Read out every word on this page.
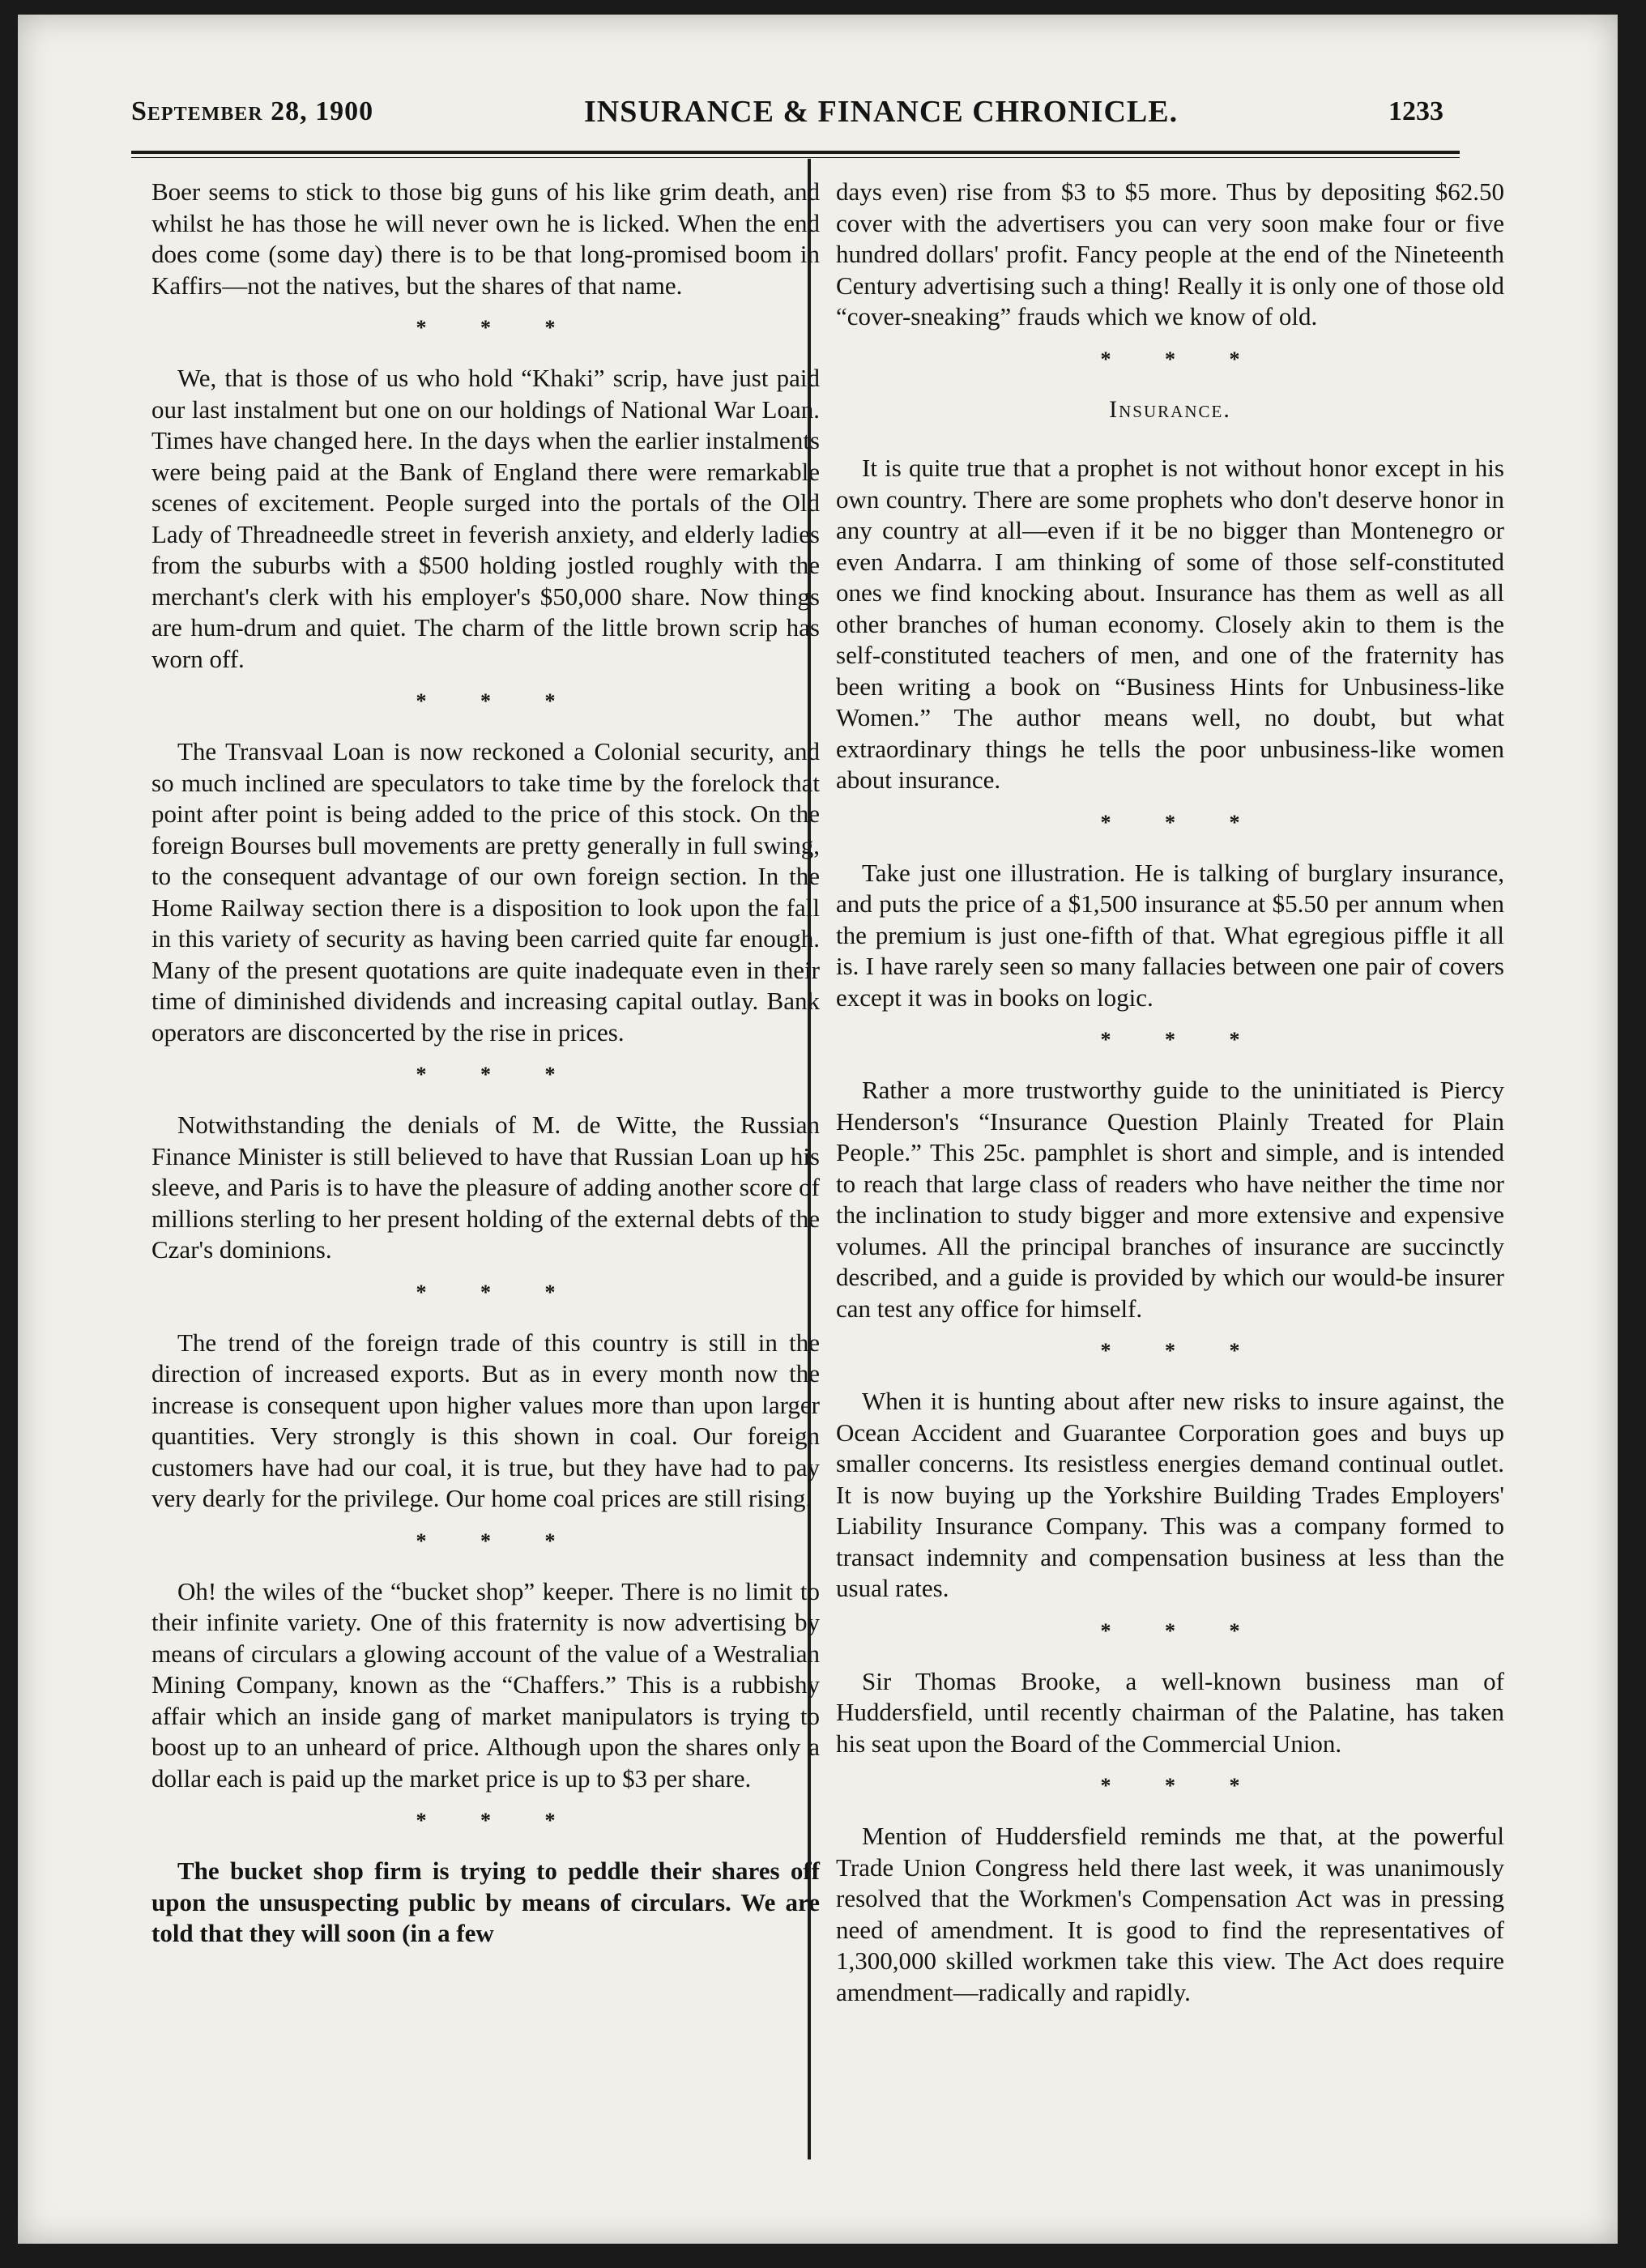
September 28, 1900	INSURANCE & FINANCE CHRONICLE.	1233

Boer seems to stick to those big guns of his like grim death, and whilst he has those he will never own he is licked. When the end does come (some day) there is to be that long-promised boom in Kaffirs—not the natives, but the shares of that name.

* * *

We, that is those of us who hold “Khaki” scrip, have just paid our last instalment but one on our holdings of National War Loan. Times have changed here. In the days when the earlier instalments were being paid at the Bank of England there were remarkable scenes of excitement. People surged into the portals of the Old Lady of Threadneedle street in feverish anxiety, and elderly ladies from the suburbs with a $500 holding jostled roughly with the merchant's clerk with his employer's $50,000 share. Now things are hum-drum and quiet. The charm of the little brown scrip has worn off.

* * *

The Transvaal Loan is now reckoned a Colonial security, and so much inclined are speculators to take time by the forelock that point after point is being added to the price of this stock. On the foreign Bourses bull movements are pretty generally in full swing, to the consequent advantage of our own foreign section. In the Home Railway section there is a disposition to look upon the fall in this variety of security as having been carried quite far enough. Many of the present quotations are quite inadequate even in their time of diminished dividends and increasing capital outlay. Bank operators are disconcerted by the rise in prices.

* * *

Notwithstanding the denials of M. de Witte, the Russian Finance Minister is still believed to have that Russian Loan up his sleeve, and Paris is to have the pleasure of adding another score of millions sterling to her present holding of the external debts of the Czar's dominions.

* * *

The trend of the foreign trade of this country is still in the direction of increased exports. But as in every month now the increase is consequent upon higher values more than upon larger quantities. Very strongly is this shown in coal. Our foreign customers have had our coal, it is true, but they have had to pay very dearly for the privilege. Our home coal prices are still rising.

* * *

Oh! the wiles of the “bucket shop” keeper. There is no limit to their infinite variety. One of this fraternity is now advertising by means of circulars a glowing account of the value of a Westralian Mining Company, known as the “Chaffers.” This is a rubbishy affair which an inside gang of market manipulators is trying to boost up to an unheard of price. Although upon the shares only a dollar each is paid up the market price is up to $3 per share.

* * *

The bucket shop firm is trying to peddle their shares off upon the unsuspecting public by means of circulars. We are told that they will soon (in a few

days even) rise from $3 to $5 more. Thus by depositing $62.50 cover with the advertisers you can very soon make four or five hundred dollars' profit. Fancy people at the end of the Nineteenth Century advertising such a thing! Really it is only one of those old “cover-sneaking” frauds which we know of old.

* * *
Insurance.

It is quite true that a prophet is not without honor except in his own country. There are some prophets who don't deserve honor in any country at all—even if it be no bigger than Montenegro or even Andarra. I am thinking of some of those self-constituted ones we find knocking about. Insurance has them as well as all other branches of human economy. Closely akin to them is the self-constituted teachers of men, and one of the fraternity has been writing a book on “Business Hints for Unbusiness-like Women.” The author means well, no doubt, but what extraordinary things he tells the poor unbusiness-like women about insurance.

* * *

Take just one illustration. He is talking of burglary insurance, and puts the price of a $1,500 insurance at $5.50 per annum when the premium is just one-fifth of that. What egregious piffle it all is. I have rarely seen so many fallacies between one pair of covers except it was in books on logic.

* * *

Rather a more trustworthy guide to the uninitiated is Piercy Henderson's “Insurance Question Plainly Treated for Plain People.” This 25c. pamphlet is short and simple, and is intended to reach that large class of readers who have neither the time nor the inclination to study bigger and more extensive and expensive volumes. All the principal branches of insurance are succinctly described, and a guide is provided by which our would-be insurer can test any office for himself.

* * *

When it is hunting about after new risks to insure against, the Ocean Accident and Guarantee Corporation goes and buys up smaller concerns. Its resistless energies demand continual outlet. It is now buying up the Yorkshire Building Trades Employers' Liability Insurance Company. This was a company formed to transact indemnity and compensation business at less than the usual rates.

* * *

Sir Thomas Brooke, a well-known business man of Huddersfield, until recently chairman of the Palatine, has taken his seat upon the Board of the Commercial Union.

* * *

Mention of Huddersfield reminds me that, at the powerful Trade Union Congress held there last week, it was unanimously resolved that the Workmen's Compensation Act was in pressing need of amendment. It is good to find the representatives of 1,300,000 skilled workmen take this view. The Act does require amendment—radically and rapidly.
